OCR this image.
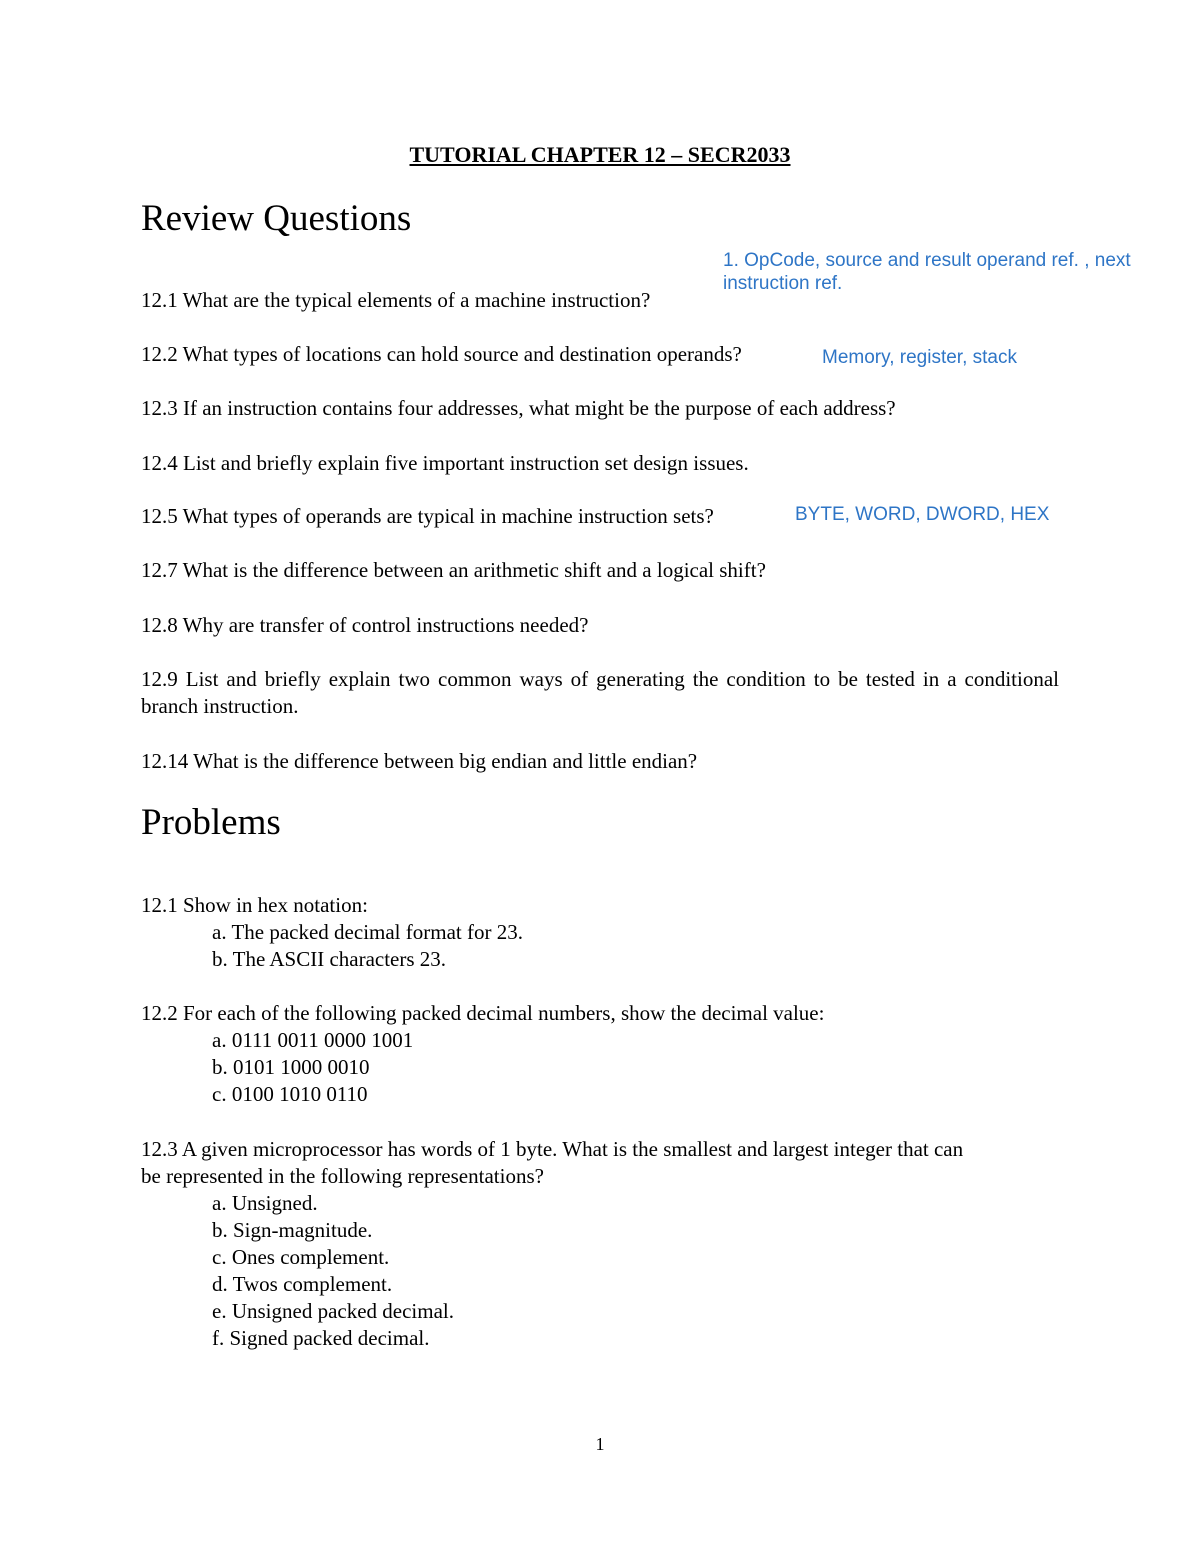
TUTORIAL CHAPTER 12 – SECR2033
Review Questions
1. OpCode, source and result operand ref. , next instruction ref.
12.1 What are the typical elements of a machine instruction?
12.2 What types of locations can hold source and destination operands?	Memory, register, stack
12.3 If an instruction contains four addresses, what might be the purpose of each address?
12.4 List and briefly explain five important instruction set design issues.
12.5 What types of operands are typical in machine instruction sets?	BYTE, WORD, DWORD, HEX
12.7 What is the difference between an arithmetic shift and a logical shift?
12.8 Why are transfer of control instructions needed?
12.9 List and briefly explain two common ways of generating the condition to be tested in a conditional branch instruction.
12.14 What is the difference between big endian and little endian?
Problems
12.1 Show in hex notation:
a. The packed decimal format for 23.
b. The ASCII characters 23.
12.2 For each of the following packed decimal numbers, show the decimal value:
a. 0111 0011 0000 1001
b. 0101 1000 0010
c. 0100 1010 0110
12.3 A given microprocessor has words of 1 byte. What is the smallest and largest integer that can
be represented in the following representations?
a. Unsigned.
b. Sign-magnitude.
c. Ones complement.
d. Twos complement.
e. Unsigned packed decimal.
f. Signed packed decimal.
1
